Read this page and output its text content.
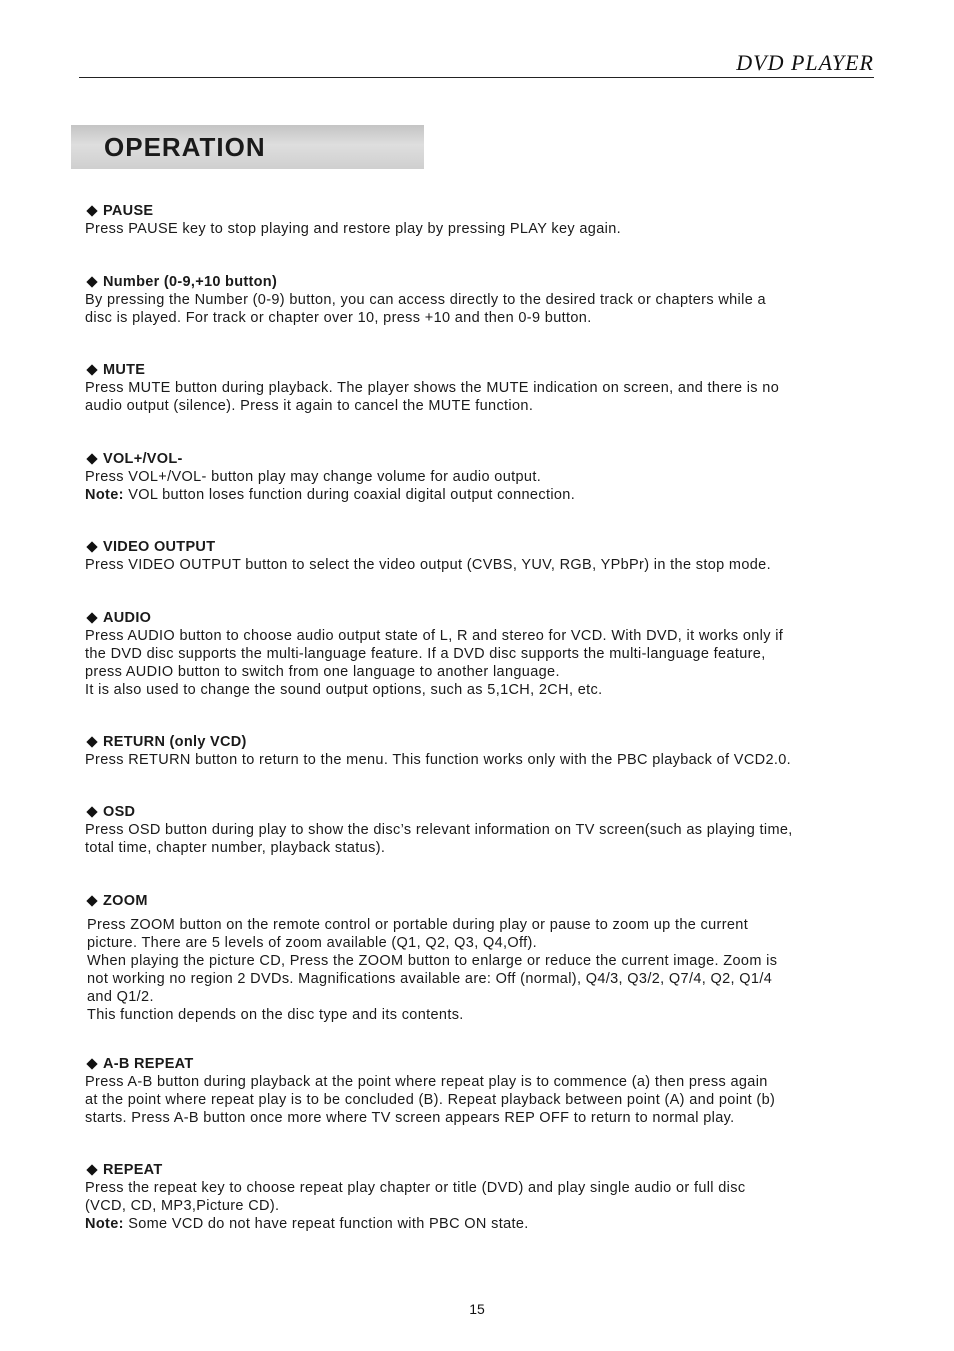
DVD PLAYER
OPERATION
PAUSE
Press PAUSE key to stop playing and restore play by pressing PLAY key again.
Number (0-9,+10 button)
By pressing the Number (0-9) button, you can access directly to the desired track or chapters while a
disc is played. For track or chapter over 10, press +10 and then 0-9 button.
MUTE
Press MUTE button during playback. The player shows the MUTE indication on screen, and there is no
audio output (silence). Press it again to cancel the MUTE function.
VOL+/VOL-
Press VOL+/VOL- button play may change volume for audio output.
Note: VOL button loses function during coaxial digital output connection.
VIDEO OUTPUT
Press VIDEO OUTPUT button to select the video output (CVBS, YUV, RGB, YPbPr) in the stop mode.
AUDIO
Press AUDIO button to choose audio output state of L, R and stereo for VCD. With DVD, it works only if
the DVD disc supports the multi-language feature. If a DVD disc supports the multi-language feature,
press AUDIO button to switch from one language to another language.
It is also used to change the sound output options, such as 5,1CH, 2CH, etc.
RETURN (only VCD)
Press RETURN button to return to the menu. This function works only with the PBC playback of VCD2.0.
OSD
Press OSD button during play to show the disc’s relevant information on TV screen(such as playing time,
total time, chapter number, playback status).
ZOOM
Press ZOOM button on the remote control or portable during play or pause to zoom up the current
picture. There are 5 levels of zoom available (Q1, Q2, Q3, Q4,Off).
When playing the picture CD, Press the ZOOM button to enlarge or reduce the current image. Zoom is
not working no region 2 DVDs. Magnifications available are: Off (normal), Q4/3, Q3/2, Q7/4, Q2, Q1/4
and Q1/2.
This function depends on the disc type and its contents.
A-B REPEAT
Press A-B button during playback at the point where repeat play is to commence (a) then press again
at the point where repeat play is to be concluded (B). Repeat playback between point (A) and point (b)
starts. Press A-B button once more where TV screen appears REP OFF to return to normal play.
REPEAT
Press the repeat key to choose repeat play chapter or title (DVD) and play single audio or full disc
(VCD, CD, MP3,Picture CD).
Note: Some VCD do not have repeat function with PBC ON state.
15
